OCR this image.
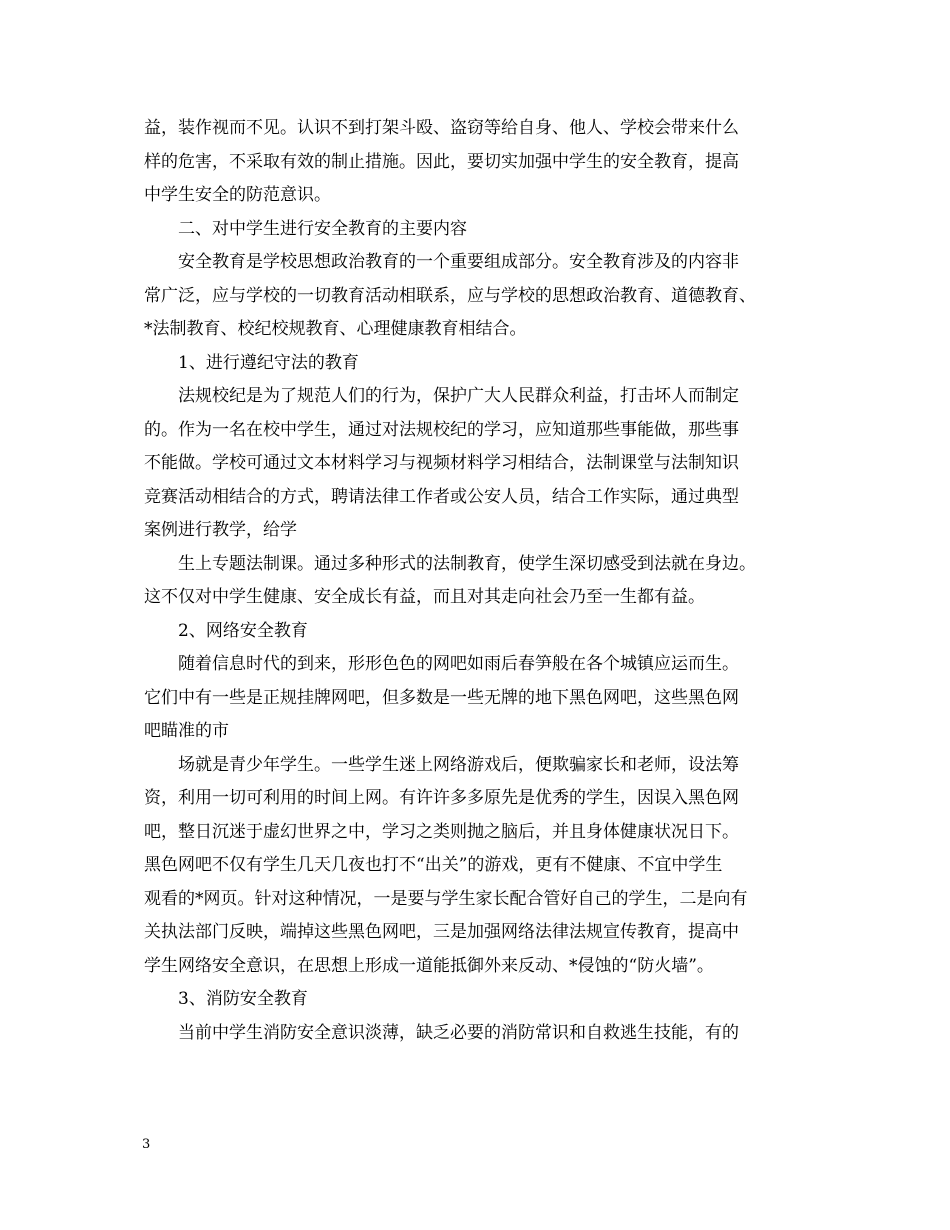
益，装作视而不见。认识不到打架斗殴、盗窃等给自身、他人、学校会带来什么
样的危害，不采取有效的制止措施。因此，要切实加强中学生的安全教育，提高
中学生安全的防范意识。
二、对中学生进行安全教育的主要内容
安全教育是学校思想政治教育的一个重要组成部分。安全教育涉及的内容非
常广泛，应与学校的一切教育活动相联系，应与学校的思想政治教育、道德教育、
*法制教育、校纪校规教育、心理健康教育相结合。
1、进行遵纪守法的教育
法规校纪是为了规范人们的行为，保护广大人民群众利益，打击坏人而制定
的。作为一名在校中学生，通过对法规校纪的学习，应知道那些事能做，那些事
不能做。学校可通过文本材料学习与视频材料学习相结合，法制课堂与法制知识
竞赛活动相结合的方式，聘请法律工作者或公安人员，结合工作实际，通过典型
案例进行教学，给学
生上专题法制课。通过多种形式的法制教育，使学生深切感受到法就在身边。
这不仅对中学生健康、安全成长有益，而且对其走向社会乃至一生都有益。
2、网络安全教育
随着信息时代的到来，形形色色的网吧如雨后春笋般在各个城镇应运而生。
它们中有一些是正规挂牌网吧，但多数是一些无牌的地下黑色网吧，这些黑色网
吧瞄准的市
场就是青少年学生。一些学生迷上网络游戏后，便欺骗家长和老师，设法筹
资，利用一切可利用的时间上网。有许许多多原先是优秀的学生，因误入黑色网
吧，整日沉迷于虚幻世界之中，学习之类则抛之脑后，并且身体健康状况日下。
黑色网吧不仅有学生几天几夜也打不“出关”的游戏，更有不健康、不宜中学生
观看的*网页。针对这种情况，一是要与学生家长配合管好自己的学生，二是向有
关执法部门反映，端掉这些黑色网吧，三是加强网络法律法规宣传教育，提高中
学生网络安全意识，在思想上形成一道能抵御外来反动、*侵蚀的“防火墙”。
3、消防安全教育
当前中学生消防安全意识淡薄，缺乏必要的消防常识和自救逃生技能，有的
3
